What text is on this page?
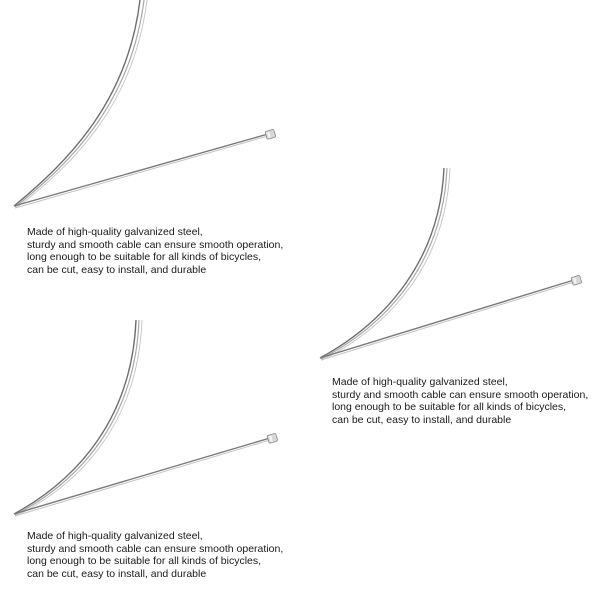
Made of high-quality galvanized steel,
sturdy and smooth cable can ensure smooth operation,
long enough to be suitable for all kinds of bicycles,
can be cut, easy to install, and durable

Made of high-quality galvanized steel,
sturdy and smooth cable can ensure smooth operation,
long enough to be suitable for all kinds of bicycles,
can be cut, easy to install, and durable

Made of high-quality galvanized steel,
sturdy and smooth cable can ensure smooth operation,
long enough to be suitable for all kinds of bicycles,
can be cut, easy to install, and durable
